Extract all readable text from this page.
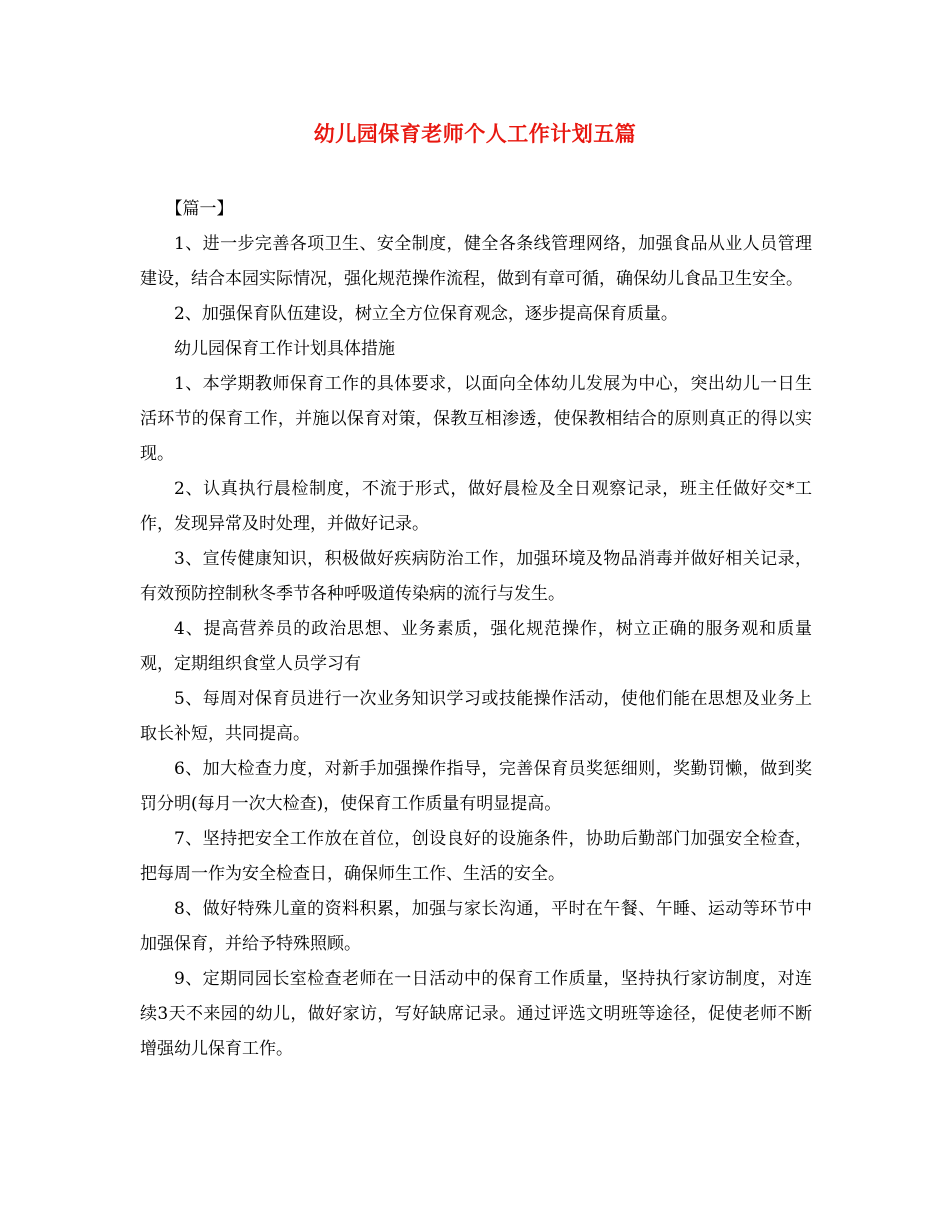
幼儿园保育老师个人工作计划五篇

【篇一】

1、进一步完善各项卫生、安全制度，健全各条线管理网络，加强食品从业人员管理建设，结合本园实际情况，强化规范操作流程，做到有章可循，确保幼儿食品卫生安全。

2、加强保育队伍建设，树立全方位保育观念，逐步提高保育质量。

幼儿园保育工作计划具体措施

1、本学期教师保育工作的具体要求，以面向全体幼儿发展为中心，突出幼儿一日生活环节的保育工作，并施以保育对策，保教互相渗透，使保教相结合的原则真正的得以实现。

2、认真执行晨检制度，不流于形式，做好晨检及全日观察记录，班主任做好交*工作，发现异常及时处理，并做好记录。

3、宣传健康知识，积极做好疾病防治工作，加强环境及物品消毒并做好相关记录，有效预防控制秋冬季节各种呼吸道传染病的流行与发生。

4、提高营养员的政治思想、业务素质，强化规范操作，树立正确的服务观和质量观，定期组织食堂人员学习有

5、每周对保育员进行一次业务知识学习或技能操作活动，使他们能在思想及业务上取长补短，共同提高。

6、加大检查力度，对新手加强操作指导，完善保育员奖惩细则，奖勤罚懒，做到奖罚分明(每月一次大检查)，使保育工作质量有明显提高。

7、坚持把安全工作放在首位，创设良好的设施条件，协助后勤部门加强安全检查，把每周一作为安全检查日，确保师生工作、生活的安全。

8、做好特殊儿童的资料积累，加强与家长沟通，平时在午餐、午睡、运动等环节中加强保育，并给予特殊照顾。

9、定期同园长室检查老师在一日活动中的保育工作质量，坚持执行家访制度，对连续3天不来园的幼儿，做好家访，写好缺席记录。通过评选文明班等途径，促使老师不断增强幼儿保育工作。
